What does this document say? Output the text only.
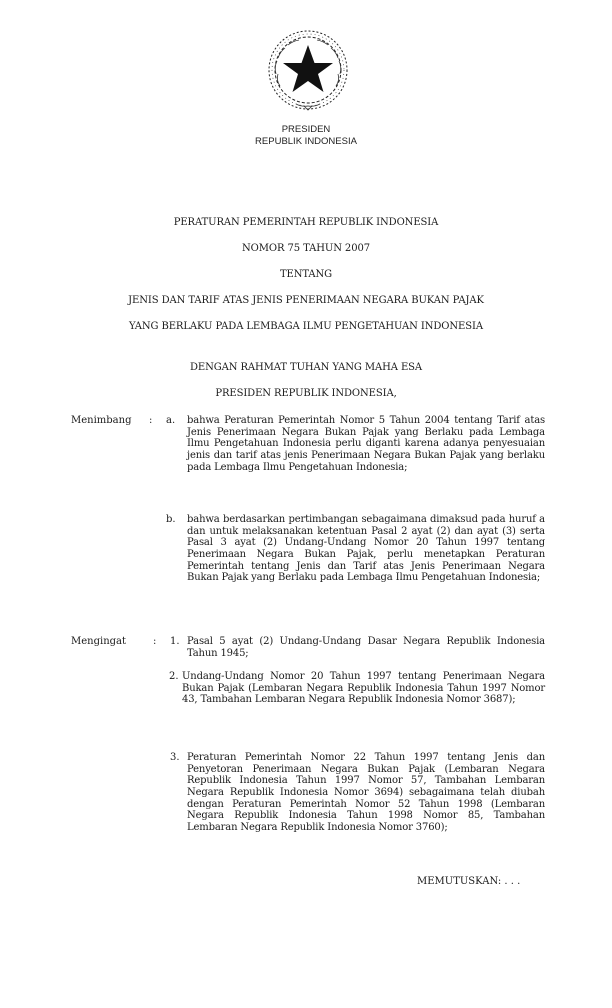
PRESIDEN
REPUBLIK INDONESIA
PERATURAN PEMERINTAH REPUBLIK INDONESIA
NOMOR 75 TAHUN 2007
TENTANG
JENIS DAN TARIF ATAS JENIS PENERIMAAN NEGARA BUKAN PAJAK
YANG BERLAKU PADA LEMBAGA ILMU PENGETAHUAN INDONESIA
DENGAN RAHMAT TUHAN YANG MAHA ESA
PRESIDEN REPUBLIK INDONESIA,
Menimbang : a. bahwa Peraturan Pemerintah Nomor 5 Tahun 2004 tentang Tarif atas Jenis Penerimaan Negara Bukan Pajak yang Berlaku pada Lembaga Ilmu Pengetahuan Indonesia perlu diganti karena adanya penyesuaian jenis dan tarif atas jenis Penerimaan Negara Bukan Pajak yang berlaku pada Lembaga Ilmu Pengetahuan Indonesia;
b. bahwa berdasarkan pertimbangan sebagaimana dimaksud pada huruf a dan untuk melaksanakan ketentuan Pasal 2 ayat (2) dan ayat (3) serta Pasal 3 ayat (2) Undang-Undang Nomor 20 Tahun 1997 tentang Penerimaan Negara Bukan Pajak, perlu menetapkan Peraturan Pemerintah tentang Jenis dan Tarif atas Jenis Penerimaan Negara Bukan Pajak yang Berlaku pada Lembaga Ilmu Pengetahuan Indonesia;
Mengingat	: 1. Pasal 5 ayat (2) Undang-Undang Dasar Negara Republik Indonesia Tahun 1945;
2. Undang-Undang Nomor 20 Tahun 1997 tentang Penerimaan Negara Bukan Pajak (Lembaran Negara Republik Indonesia Tahun 1997 Nomor 43, Tambahan Lembaran Negara Republik Indonesia Nomor 3687);
3. Peraturan Pemerintah Nomor 22 Tahun 1997 tentang Jenis dan Penyetoran Penerimaan Negara Bukan Pajak (Lembaran Negara Republik Indonesia Tahun 1997 Nomor 57, Tambahan Lembaran Negara Republik Indonesia Nomor 3694) sebagaimana telah diubah dengan Peraturan Pemerintah Nomor 52 Tahun 1998 (Lembaran Negara Republik Indonesia Tahun 1998 Nomor 85, Tambahan Lembaran Negara Republik Indonesia Nomor 3760);
MEMUTUSKAN: . . .
